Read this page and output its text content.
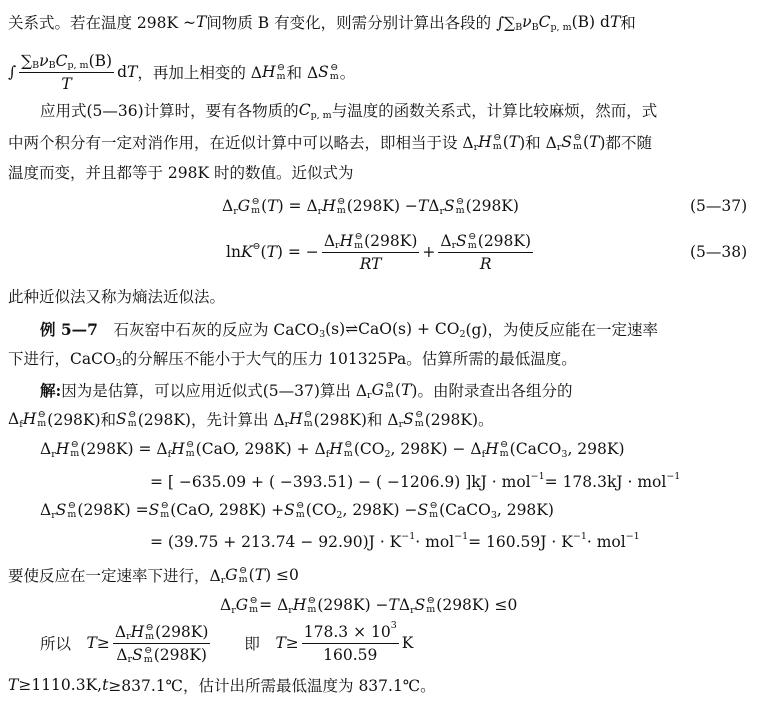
关系式。若在温度 298K ~ T 间物质 B 有变化，则需分别计算出各段的 ∫∑ B ν B C p, m (B) d T 和
∫ $\frac{\text{∑ B ν B C p, m (B)}}{T}$ d T ，再加上相变的 Δ H ⊖
m 和 Δ S ⊖
m 。
应用式(5—36)计算时，要有各物质的 C p, m 与温度的函数关系式，计算比较麻烦，然而，式
中两个积分有一定对消作用，在近似计算中可以略去，即相当于设 Δ r H ⊖
m ( T )和 Δ r S ⊖
m ( T )都不随
温度而变，并且都等于 298K 时的数值。近似式为
Δ r G ⊖
m ( T ) = Δ r H ⊖
m (298K) − T Δ r S ⊖
m (298K)	(5—37)
ln K ⊖ ( T ) = − Δ r H ⊖
m (298K)
RT + Δ r S ⊖
m (298K)
R	(5—38)
此种近似法又称为熵法近似法。
例 5—7 　石灰窑中石灰的反应为 CaCO 3 (s)⇌CaO(s) + CO 2 (g)，为使反应能在一定速率
下进行，CaCO 3 的分解压不能小于大气的压力 101325Pa。估算所需的最低温度。
解: 因为是估算，可以应用近似式(5—37)算出 Δ r G ⊖
m ( T )。由附录查出各组分的
Δ f H ⊖
m (298K)和 S ⊖
m (298K)，先计算出 Δ r H ⊖
m (298K)和 Δ r S ⊖
m (298K)。
Δ r H ⊖
m (298K) = Δ f H ⊖
m (CaO, 298K) + Δ f H ⊖
m (CO 2 , 298K) − Δ f H ⊖
m (CaCO 3 , 298K)
= [ −635.09 + ( −393.51) − ( −1206.9) ]kJ · mol −1 = 178.3kJ · mol −1
Δ r S ⊖
m (298K) = S ⊖
m (CaO, 298K) + S ⊖
m (CO 2 , 298K) − S ⊖
m (CaCO 3 , 298K)
= (39.75 + 213.74 − 92.90)J · K −1 · mol −1 = 160.59J · K −1 · mol −1
要使反应在一定速率下进行，Δ r G ⊖
m ( T ) ≤0
Δ r G ⊖
m = Δ r H ⊖
m (298K) − T Δ r S ⊖
m (298K) ≤0
所以　 T ≥ Δ r H ⊖
m (298K)
Δ r S ⊖
m (298K) 　　即　 $T \ge \frac{178.3 \times 10 3}{160.59}$ K
T ≥1110.3K, t ≥837.1℃，估计出所需最低温度为 837.1℃。
